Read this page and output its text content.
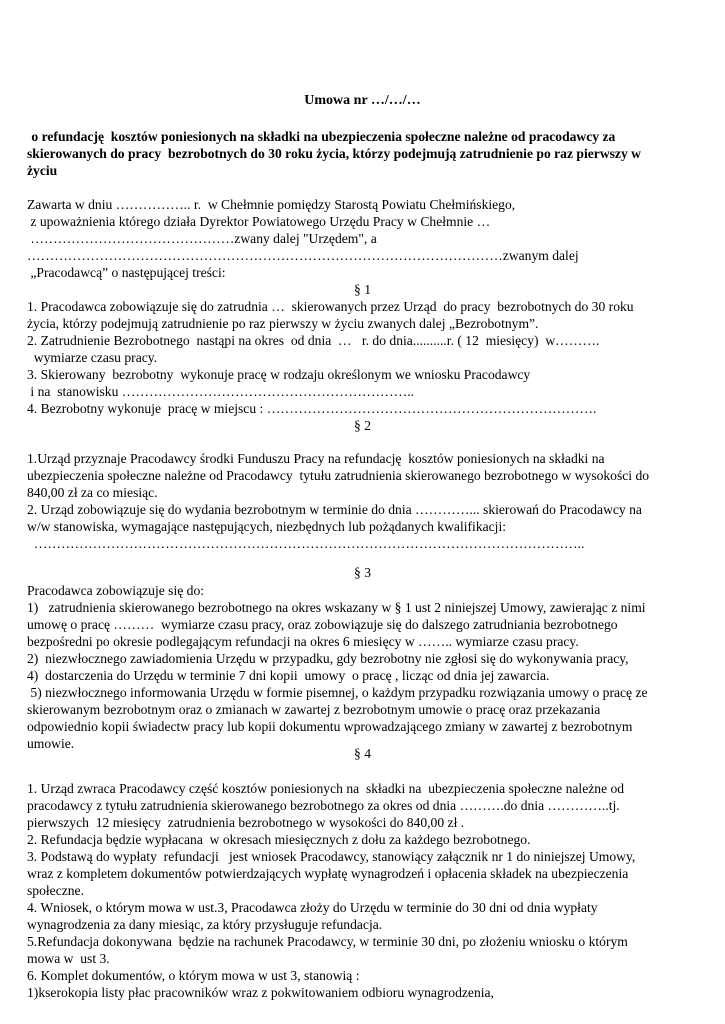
Umowa nr …/…/…
o refundację  kosztów poniesionych na składki na ubezpieczenia społeczne należne od pracodawcy za
skierowanych do pracy  bezrobotnych do 30 roku życia, którzy podejmują zatrudnienie po raz pierwszy w
życiu
Zawarta w dniu …………….. r.  w Chełmnie pomiędzy Starostą Powiatu Chełmińskiego,
z upoważnienia którego działa Dyrektor Powiatowego Urzędu Pracy w Chełmnie …
………………………………………zwany dalej "Urzędem", a
……………………………………………………………………………………………zwanym dalej
„Pracodawcą” o następującej treści:
§ 1
1. Pracodawca zobowiązuje się do zatrudnia …  skierowanych przez Urząd  do pracy  bezrobotnych do 30 roku
życia, którzy podejmują zatrudnienie po raz pierwszy w życiu zwanych dalej „Bezrobotnym”.
2. Zatrudnienie Bezrobotnego  nastąpi na okres  od dnia  …   r. do dnia..........r. ( 12  miesięcy)  w……….
wymiarze czasu pracy.
3. Skierowany  bezrobotny  wykonuje pracę w rodzaju określonym we wniosku Pracodawcy
i na  stanowisku ………………………………………………………..
4. Bezrobotny wykonuje  pracę w miejscu : ……………………………………………………………….
§ 2
1.Urząd przyznaje Pracodawcy środki Funduszu Pracy na refundację  kosztów poniesionych na składki na
ubezpieczenia społeczne należne od Pracodawcy  tytułu zatrudnienia skierowanego bezrobotnego w wysokości do
840,00 zł za co miesiąc.
2. Urząd zobowiązuje się do wydania bezrobotnym w terminie do dnia …………... skierowań do Pracodawcy na
w/w stanowiska, wymagające następujących, niezbędnych lub pożądanych kwalifikacji:
…………………………………………………………………………………………………………..
§ 3
Pracodawca zobowiązuje się do:
1)   zatrudnienia skierowanego bezrobotnego na okres wskazany w § 1 ust 2 niniejszej Umowy, zawierając z nimi
umowę o pracę ………  wymiarze czasu pracy, oraz zobowiązuje się do dalszego zatrudniania bezrobotnego
bezpośredni po okresie podlegającym refundacji na okres 6 miesięcy w …….. wymiarze czasu pracy.
2)  niezwłocznego zawiadomienia Urzędu w przypadku, gdy bezrobotny nie zgłosi się do wykonywania pracy,
4)  dostarczenia do Urzędu w terminie 7 dni kopii  umowy  o pracę , licząc od dnia jej zawarcia.
5) niezwłocznego informowania Urzędu w formie pisemnej, o każdym przypadku rozwiązania umowy o pracę ze
skierowanym bezrobotnym oraz o zmianach w zawartej z bezrobotnym umowie o pracę oraz przekazania
odpowiednio kopii świadectw pracy lub kopii dokumentu wprowadzającego zmiany w zawartej z bezrobotnym
umowie.
§ 4
1. Urząd zwraca Pracodawcy część kosztów poniesionych na  składki na  ubezpieczenia społeczne należne od
pracodawcy z tytułu zatrudnienia skierowanego bezrobotnego za okres od dnia ……….do dnia …………..tj.
pierwszych  12 miesięcy  zatrudnienia bezrobotnego w wysokości do 840,00 zł .
2. Refundacja będzie wypłacana  w okresach miesięcznych z dołu za każdego bezrobotnego.
3. Podstawą do wypłaty  refundacji   jest wniosek Pracodawcy, stanowiący załącznik nr 1 do niniejszej Umowy,
wraz z kompletem dokumentów potwierdzających wypłatę wynagrodzeń i opłacenia składek na ubezpieczenia
społeczne.
4. Wniosek, o którym mowa w ust.3, Pracodawca złoży do Urzędu w terminie do 30 dni od dnia wypłaty
wynagrodzenia za dany miesiąc, za który przysługuje refundacja.
5.Refundacja dokonywana  będzie na rachunek Pracodawcy, w terminie 30 dni, po złożeniu wniosku o którym
mowa w  ust 3.
6. Komplet dokumentów, o którym mowa w ust 3, stanowią :
1)kserokopia listy płac pracowników wraz z pokwitowaniem odbioru wynagrodzenia,
